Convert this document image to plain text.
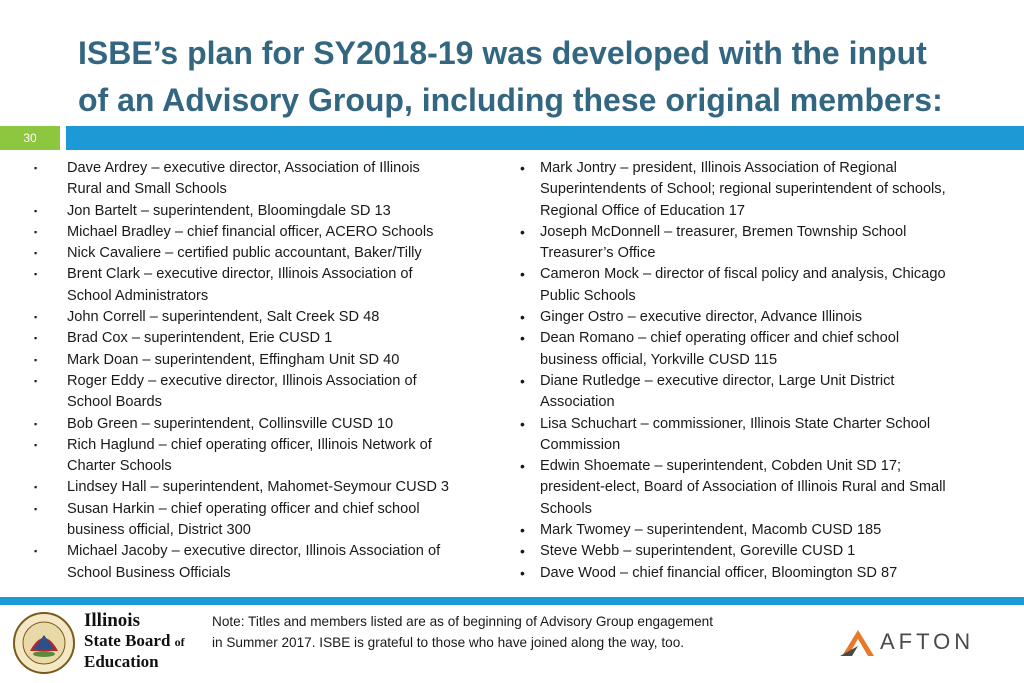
ISBE’s plan for SY2018-19 was developed with the input
of an Advisory Group, including these original members:
30
▪	Dave Ardrey – executive director, Association of Illinois
Rural and Small Schools
▪	Jon Bartelt – superintendent, Bloomingdale SD 13
▪	Michael Bradley – chief financial officer, ACERO Schools
▪	Nick Cavaliere – certified public accountant, Baker/Tilly
▪	Brent Clark – executive director, Illinois Association of
School Administrators
▪	John Correll – superintendent, Salt Creek SD 48
▪	Brad Cox – superintendent, Erie CUSD 1
▪	Mark Doan – superintendent, Effingham Unit SD 40
▪	Roger Eddy – executive director, Illinois Association of
School Boards
▪	Bob Green – superintendent, Collinsville CUSD 10
▪	Rich Haglund – chief operating officer, Illinois Network of
Charter Schools
▪	Lindsey Hall – superintendent, Mahomet-Seymour CUSD 3
▪	Susan Harkin – chief operating officer and chief school
business official, District 300
▪	Michael Jacoby – executive director, Illinois Association of
School Business Officials
•	Mark Jontry – president, Illinois Association of Regional
Superintendents of School; regional superintendent of schools,
Regional Office of Education 17
•	Joseph McDonnell – treasurer, Bremen Township School
Treasurer’s Office
•	Cameron Mock – director of fiscal policy and analysis, Chicago
Public Schools
•	Ginger Ostro – executive director, Advance Illinois
•	Dean Romano – chief operating officer and chief school
business official, Yorkville CUSD 115
•	Diane Rutledge – executive director, Large Unit District
Association
•	Lisa Schuchart – commissioner, Illinois State Charter School
Commission
•	Edwin Shoemate – superintendent, Cobden Unit SD 17;
president-elect, Board of Association of Illinois Rural and Small
Schools
•	Mark Twomey – superintendent, Macomb CUSD 185
•	Steve Webb – superintendent, Goreville CUSD 1
•	Dave Wood – chief financial officer, Bloomington SD 87
Illinois
State Board of
Education

Note: Titles and members listed are as of beginning of Advisory Group engagement
in Summer 2017. ISBE is grateful to those who have joined along the way, too.	AFTON
